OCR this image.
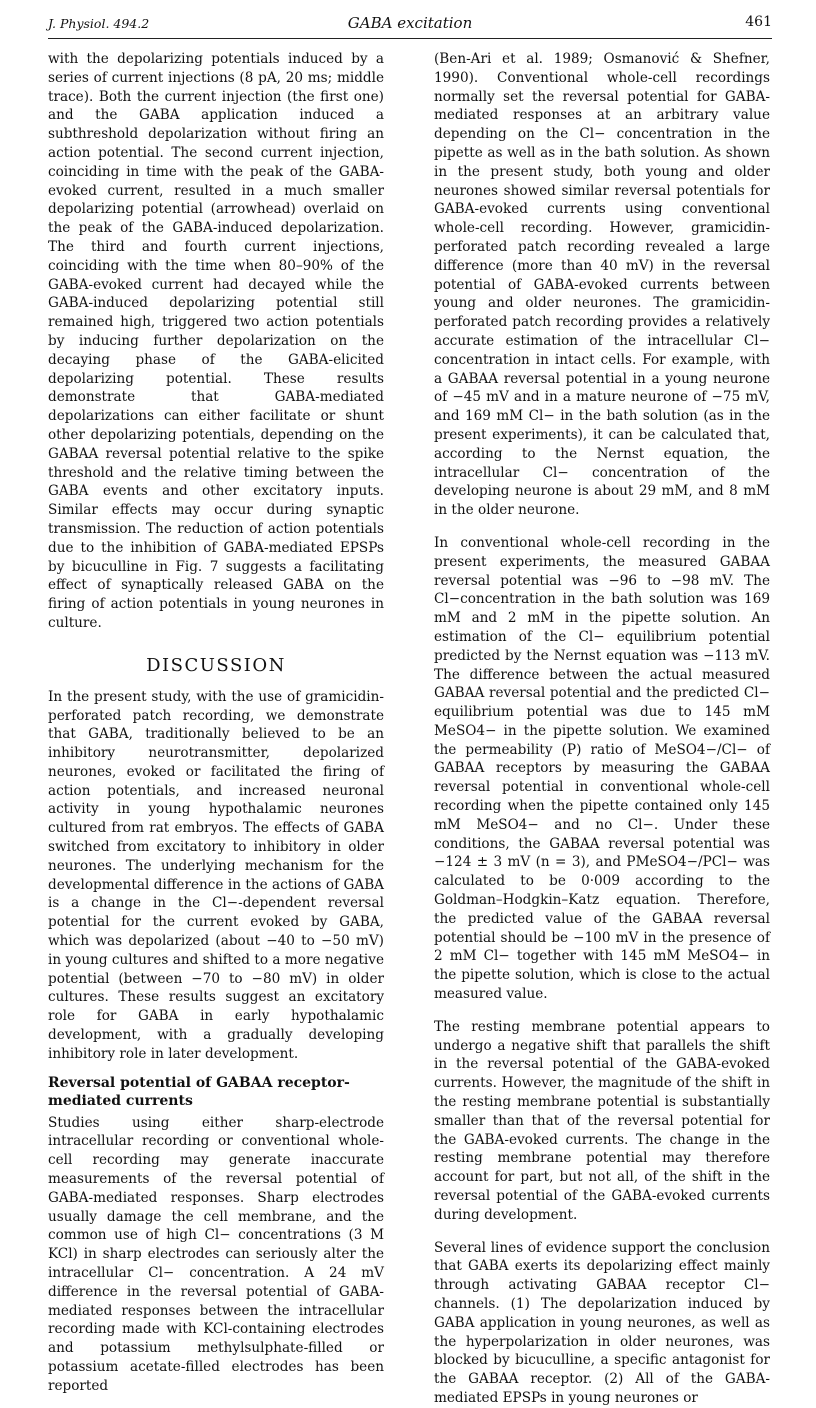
J. Physiol. 494.2	GABA excitation	461

with the depolarizing potentials induced by a series of current injections (8 pA, 20 ms; middle trace). Both the current injection (the first one) and the GABA application induced a subthreshold depolarization without firing an action potential. The second current injection, coinciding in time with the peak of the GABA-evoked current, resulted in a much smaller depolarizing potential (arrowhead) overlaid on the peak of the GABA-induced depolarization. The third and fourth current injections, coinciding with the time when 80–90% of the GABA-evoked current had decayed while the GABA-induced depolarizing potential still remained high, triggered two action potentials by inducing further depolarization on the decaying phase of the GABA-elicited depolarizing potential. These results demonstrate that GABA-mediated depolarizations can either facilitate or shunt other depolarizing potentials, depending on the GABAA reversal potential relative to the spike threshold and the relative timing between the GABA events and other excitatory inputs. Similar effects may occur during synaptic transmission. The reduction of action potentials due to the inhibition of GABA-mediated EPSPs by bicuculline in Fig. 7 suggests a facilitating effect of synaptically released GABA on the firing of action potentials in young neurones in culture.

DISCUSSION

In the present study, with the use of gramicidin-perforated patch recording, we demonstrate that GABA, traditionally believed to be an inhibitory neurotransmitter, depolarized neurones, evoked or facilitated the firing of action potentials, and increased neuronal activity in young hypothalamic neurones cultured from rat embryos. The effects of GABA switched from excitatory to inhibitory in older neurones. The underlying mechanism for the developmental difference in the actions of GABA is a change in the Cl−-dependent reversal potential for the current evoked by GABA, which was depolarized (about −40 to −50 mV) in young cultures and shifted to a more negative potential (between −70 to −80 mV) in older cultures. These results suggest an excitatory role for GABA in early hypothalamic development, with a gradually developing inhibitory role in later development.

Reversal potential of GABAA receptor-mediated currents

Studies using either sharp-electrode intracellular recording or conventional whole-cell recording may generate inaccurate measurements of the reversal potential of GABA-mediated responses. Sharp electrodes usually damage the cell membrane, and the common use of high Cl− concentrations (3 M KCl) in sharp electrodes can seriously alter the intracellular Cl− concentration. A 24 mV difference in the reversal potential of GABA-mediated responses between the intracellular recording made with KCl-containing electrodes and potassium methylsulphate-filled or potassium acetate-filled electrodes has been reported

(Ben-Ari et al. 1989; Osmanović & Shefner, 1990). Conventional whole-cell recordings normally set the reversal potential for GABA-mediated responses at an arbitrary value depending on the Cl− concentration in the pipette as well as in the bath solution. As shown in the present study, both young and older neurones showed similar reversal potentials for GABA-evoked currents using conventional whole-cell recording. However, gramicidin-perforated patch recording revealed a large difference (more than 40 mV) in the reversal potential of GABA-evoked currents between young and older neurones. The gramicidin-perforated patch recording provides a relatively accurate estimation of the intracellular Cl− concentration in intact cells. For example, with a GABAA reversal potential in a young neurone of −45 mV and in a mature neurone of −75 mV, and 169 mM Cl− in the bath solution (as in the present experiments), it can be calculated that, according to the Nernst equation, the intracellular Cl− concentration of the developing neurone is about 29 mM, and 8 mM in the older neurone.

In conventional whole-cell recording in the present experiments, the measured GABAA reversal potential was −96 to −98 mV. The Cl−concentration in the bath solution was 169 mM and 2 mM in the pipette solution. An estimation of the Cl− equilibrium potential predicted by the Nernst equation was −113 mV. The difference between the actual measured GABAA reversal potential and the predicted Cl− equilibrium potential was due to 145 mM MeSO4− in the pipette solution. We examined the permeability (P) ratio of MeSO4−/Cl− of GABAA receptors by measuring the GABAA reversal potential in conventional whole-cell recording when the pipette contained only 145 mM MeSO4− and no Cl−. Under these conditions, the GABAA reversal potential was −124 ± 3 mV (n = 3), and PMeSO4−/PCl− was calculated to be 0·009 according to the Goldman–Hodgkin–Katz equation. Therefore, the predicted value of the GABAA reversal potential should be −100 mV in the presence of 2 mM Cl− together with 145 mM MeSO4− in the pipette solution, which is close to the actual measured value.

The resting membrane potential appears to undergo a negative shift that parallels the shift in the reversal potential of the GABA-evoked currents. However, the magnitude of the shift in the resting membrane potential is substantially smaller than that of the reversal potential for the GABA-evoked currents. The change in the resting membrane potential may therefore account for part, but not all, of the shift in the reversal potential of the GABA-evoked currents during development.

Several lines of evidence support the conclusion that GABA exerts its depolarizing effect mainly through activating GABAA receptor Cl− channels. (1) The depolarization induced by GABA application in young neurones, as well as the hyperpolarization in older neurones, was blocked by bicuculline, a specific antagonist for the GABAA receptor. (2) All of the GABA-mediated EPSPs in young neurones or
